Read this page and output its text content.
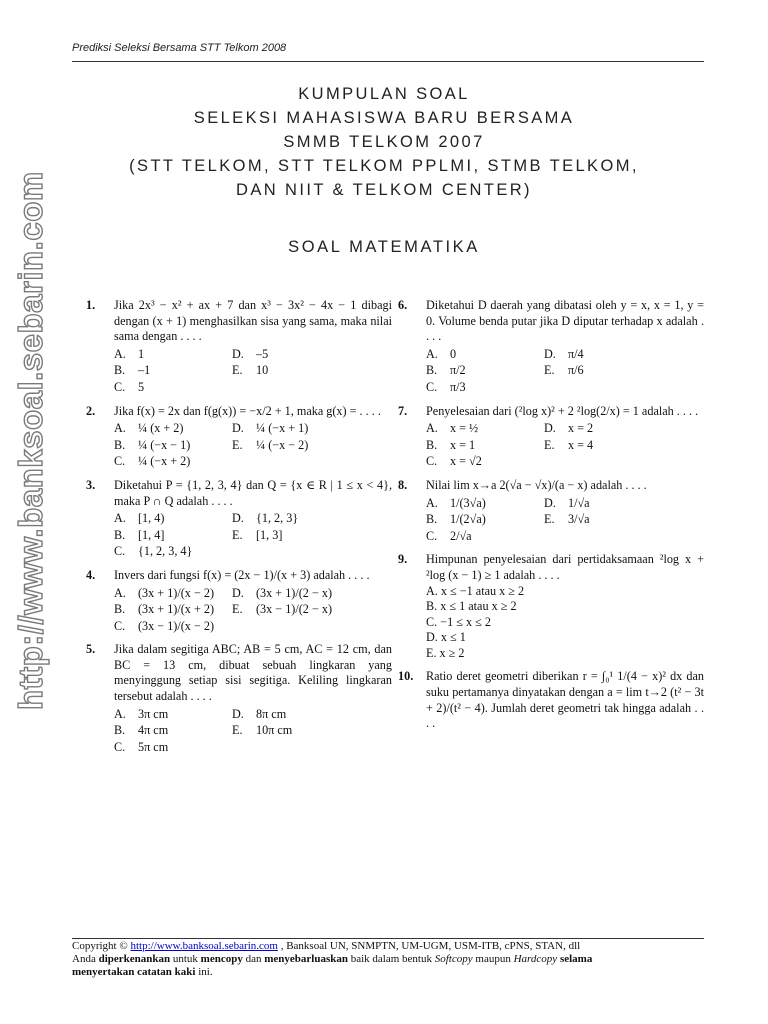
Prediksi Seleksi Bersama STT Telkom 2008
KUMPULAN SOAL
SELEKSI MAHASISWA BARU BERSAMA
SMMB TELKOM 2007
(STT TELKOM, STT TELKOM PPLMI, STMB TELKOM,
DAN NIIT & TELKOM CENTER)
SOAL MATEMATIKA
http://www.banksoal.sebarin.com	1. Jika 2x³ − x² + ax + 7 dan x³ − 3x² − 4x − 1 dibagi dengan (x + 1) menghasilkan sisa yang sama, maka nilai sama dengan . . . .
A. 1	D. –5
B.	–1	E.	10
C.	5
2. Jika f(x) = 2x dan f(g(x)) = −x/2 + 1, maka g(x) = . . . .
A. ¼ (x + 2)	D. ¼ (−x + 1)
B.	¼ (−x − 1)	E.	¼ (−x − 2)
C.	¼ (−x + 2)
3. Diketahui P = {1, 2, 3, 4} dan Q = {x ∈ R | 1 ≤ x < 4}, maka P ∩ Q adalah . . . .
A. [1, 4)	D. {1, 2, 3}
B.	[1, 4]	E.	[1, 3]
C.	{1, 2, 3, 4}
4. Invers dari fungsi f(x) = (2x − 1)/(x + 3) adalah . . . .
A. (3x + 1)/(x − 2) D. (3x + 1)/(2 − x)
B.	(3x + 1)/(x + 2) E.	(3x − 1)/(2 − x)
C.	(3x − 1)/(x − 2)
5. Jika dalam segitiga ABC; AB = 5 cm, AC = 12 cm, dan BC = 13 cm, dibuat sebuah lingkaran yang menyinggung setiap sisi segitiga. Keliling lingkaran tersebut adalah . . . .
A. 3π cm	D. 8π cm
B.	4π cm	E.	10π cm
C.	5π cm
6. Diketahui D daerah yang dibatasi oleh y = x, x = 1, y = 0. Volume benda putar jika D diputar terhadap x adalah . . . .
A. 0	D. π/4
B.	π/2	E.	π/6
C.	π/3
7. Penyelesaian dari (²log x)² + 2 ²log(2/x) = 1 adalah . . . .
A. x = ½	D. x = 2
B.	x = 1	E.	x = 4
C.	x = √2
8. Nilai lim x→a 2(√a − √x)/(a − x) adalah . . . .
A. 1/(3√a)	D. 1/√a
B.	1/(2√a)	E.	3/√a
C.	2/√a
9. Himpunan penyelesaian dari pertidaksamaan ²log x + ²log (x − 1) ≥ 1 adalah . . . .
A. x ≤ −1 atau x ≥ 2
B. x ≤ 1 atau x ≥ 2
C. −1 ≤ x ≤ 2
D. x ≤ 1
E. x ≥ 2
10. Ratio deret geometri diberikan r = ∫₀¹ 1/(4 − x)² dx dan suku pertamanya dinyatakan dengan a = lim t→2 (t² − 3t + 2)/(t² − 4). Jumlah deret geometri tak hingga adalah . . . .
Copyright © http://www.banksoal.sebarin.com , Banksoal UN, SNMPTN, UM-UGM, USM-ITB, cPNS, STAN, dll
Anda diperkenankan untuk mencopy dan menyebarluaskan baik dalam bentuk Softcopy maupun Hardcopy selama
menyertakan catatan kaki ini.
